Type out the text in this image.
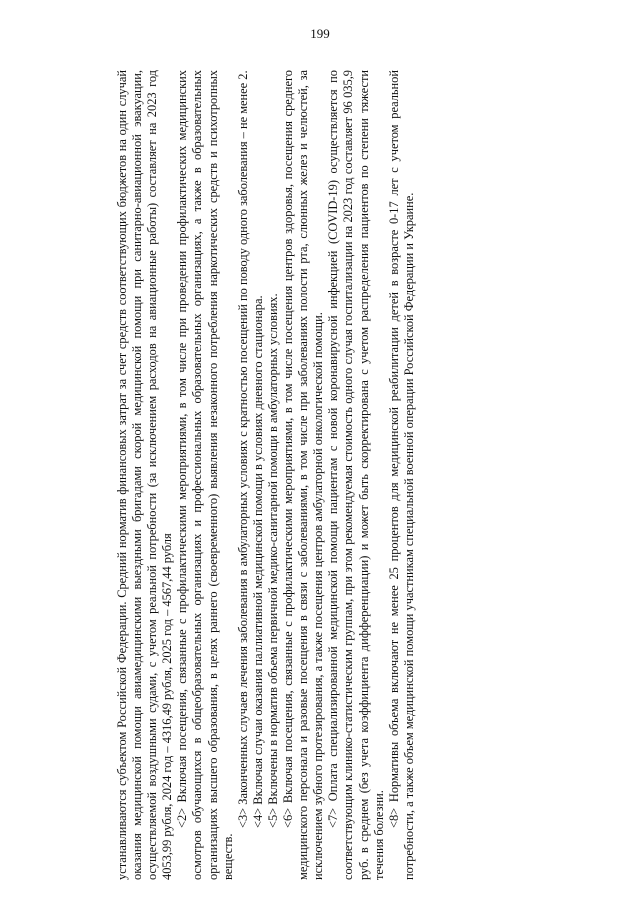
199

устанавливаются субъектом Российской Федерации. Средний норматив финансовых затрат за счет средств соответствующих бюджетов на один случай оказания медицинской помощи авиамедицинскими выездными бригадами скорой медицинской помощи при санитарно-авиационной эвакуации, осуществляемой воздушными судами, с учетом реальной потребности (за исключением расходов на авиационные работы) составляет на 2023 год 4053,99 рубля, 2024 год – 4316,49 рубля, 2025 год – 4567,44 рубля <2> Включая посещения, связанные с профилактическими мероприятиями, в том числе при проведении профилактических медицинских осмотров обучающихся в общеобразовательных организациях и профессиональных образовательных организациях, а также в образовательных организациях высшего образования, в целях раннего (своевременного) выявления незаконного потребления наркотических средств и психотропных веществ.

<3> Законченных случаев лечения заболевания в амбулаторных условиях с кратностью посещений по поводу одного заболевания – не менее 2. <4> Включая случаи оказания паллиативной медицинской помощи в условиях дневного стационара. <5> Включены в норматив объема первичной медико-санитарной помощи в амбулаторных условиях. <6> Включая посещения, связанные с профилактическими мероприятиями, в том числе посещения центров здоровья, посещения среднего медицинского персонала и разовые посещения в связи с заболеваниями, в том числе при заболеваниях полости рта, слюнных желез и челюстей, за исключением зубного протезирования, а также посещения центров амбулаторной онкологической помощи. <7> Оплата специализированной медицинской помощи пациентам с новой коронавирусной инфекцией (COVID-19) осуществляется по соответствующим клинико-статистическим группам, при этом рекомендуемая стоимость одного случая госпитализации на 2023 год составляет 96 035,9 руб. в среднем (без учета коэффициента дифференциации) и может быть скорректирована с учетом распределения пациентов по степени тяжести течения болезни.

<8> Нормативы объема включают не менее 25 процентов для медицинской реабилитации детей в возрасте 0-17 лет с учетом реальной потребности, а также объем медицинской помощи участникам специальной военной операции Российской Федерации и Украине.
